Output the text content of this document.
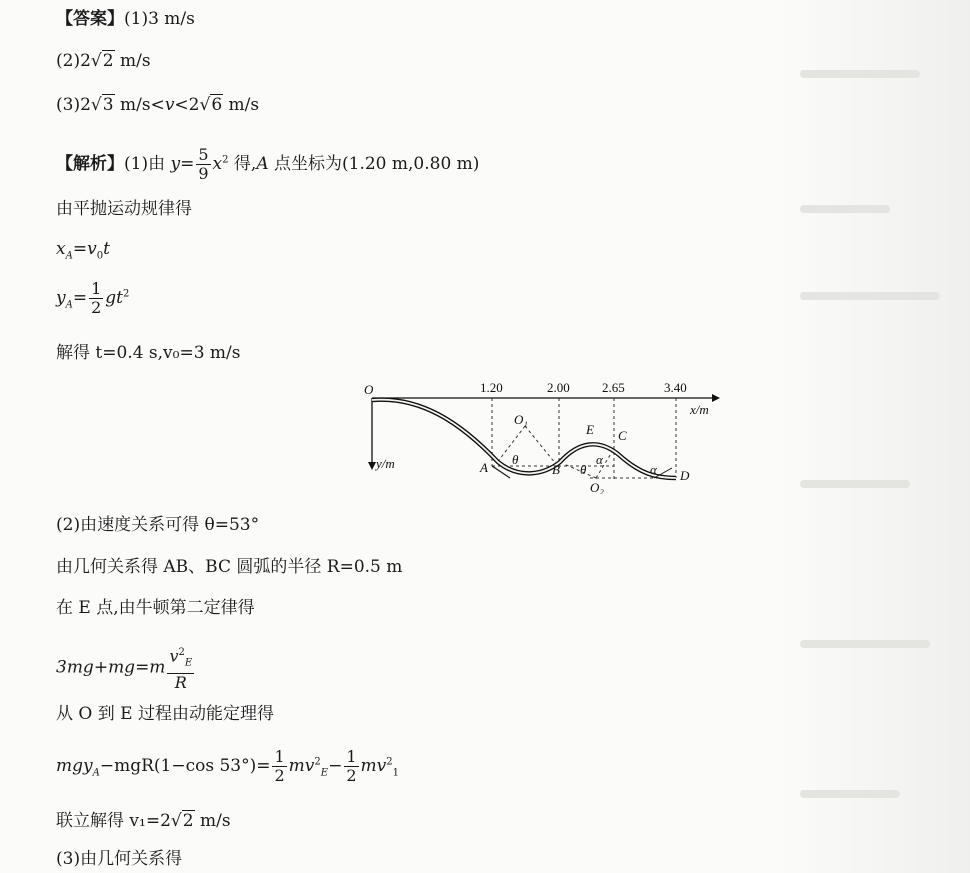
【答案】(1)3 m/s
(2)2√2 m/s
(3)2√3 m/s<v<2√6 m/s
【解析】(1)由 $y= \frac{5}{9} x^2$ 得,A 点坐标为(1.20 m,0.80 m)
由平抛运动规律得
$x_A=v_0t$
$y_A= \frac{1}{2} gt^2$
解得 t=0.4 s,v₀=3 m/s
O	1.20	2.00 2.65	3.40
x/m
y/m	A	B
C
D
E
O₁
O₂
θ
θ
α
α
(2)由速度关系可得 θ=53°
由几何关系得 AB、BC 圆弧的半径 R=0.5 m
在 E 点,由牛顿第二定律得
$3mg+mg=m \frac{v^2_E}{R}$
从 O 到 E 过程由动能定理得
mgy$_A$−mgR(1−cos $53^\circ)= \frac{1}{2} mv^2_E- \frac{1}{2} mv^2_1$
联立解得 v₁=2√2 m/s
(3)由几何关系得
